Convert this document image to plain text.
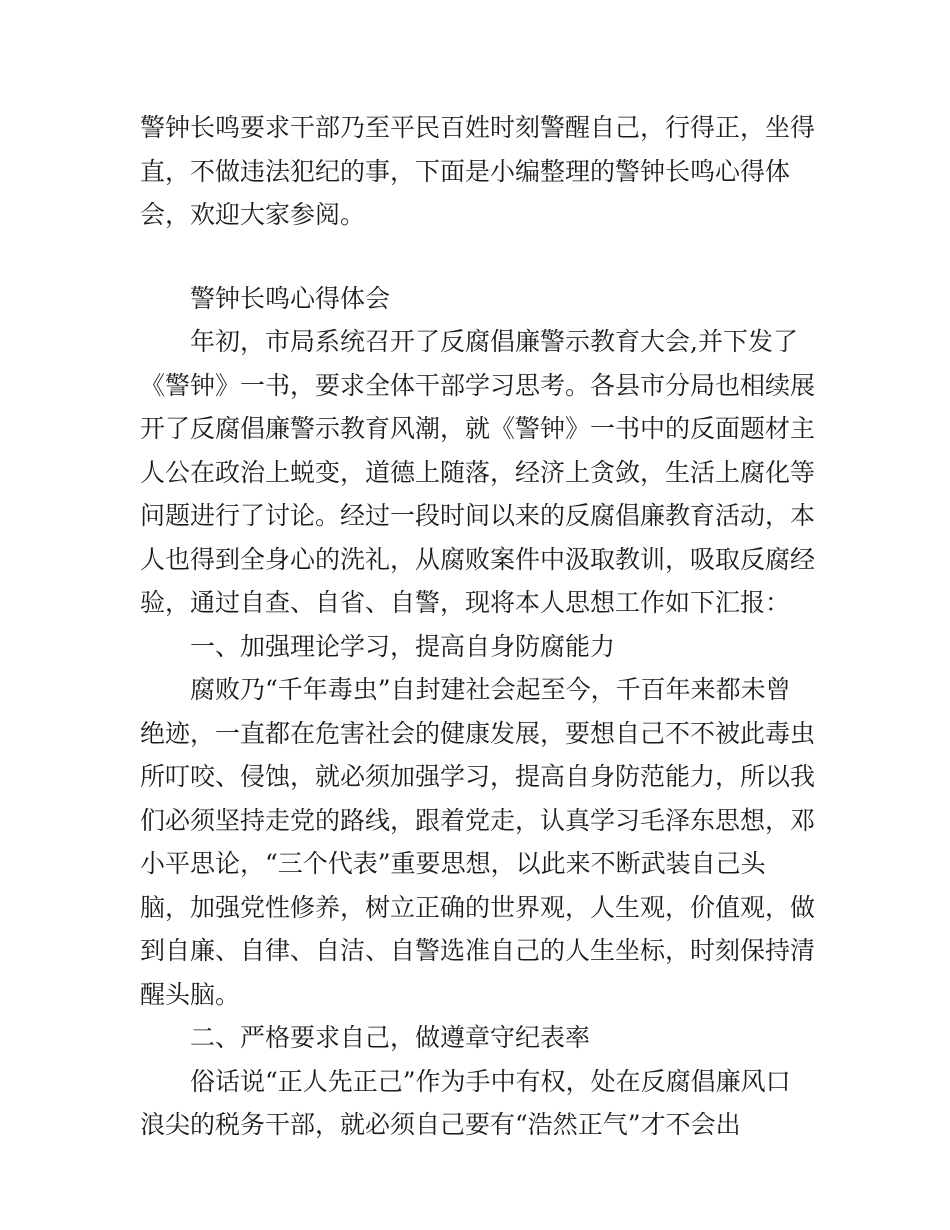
警钟长鸣要求干部乃至平民百姓时刻警醒自己，行得正，坐得

直，不做违法犯纪的事，下面是小编整理的警钟长鸣心得体

会，欢迎大家参阅。

警钟长鸣心得体会

年初，市局系统召开了反腐倡廉警示教育大会,并下发了

《警钟》一书，要求全体干部学习思考。各县市分局也相续展

开了反腐倡廉警示教育风潮，就《警钟》一书中的反面题材主

人公在政治上蜕变，道德上随落，经济上贪敛，生活上腐化等

问题进行了讨论。经过一段时间以来的反腐倡廉教育活动，本

人也得到全身心的洗礼，从腐败案件中汲取教训，吸取反腐经

验，通过自查、自省、自警，现将本人思想工作如下汇报：

一、加强理论学习，提高自身防腐能力

腐败乃“千年毒虫”自封建社会起至今，千百年来都未曾

绝迹，一直都在危害社会的健康发展，要想自己不不被此毒虫

所叮咬、侵蚀，就必须加强学习，提高自身防范能力，所以我

们必须坚持走党的路线，跟着党走，认真学习毛泽东思想，邓

小平思论，“三个代表”重要思想，以此来不断武装自己头

脑，加强党性修养，树立正确的世界观，人生观，价值观，做

到自廉、自律、自洁、自警选准自己的人生坐标，时刻保持清

醒头脑。

二、严格要求自己，做遵章守纪表率

俗话说“正人先正己”作为手中有权，处在反腐倡廉风口

浪尖的税务干部，就必须自己要有“浩然正气”才不会出
